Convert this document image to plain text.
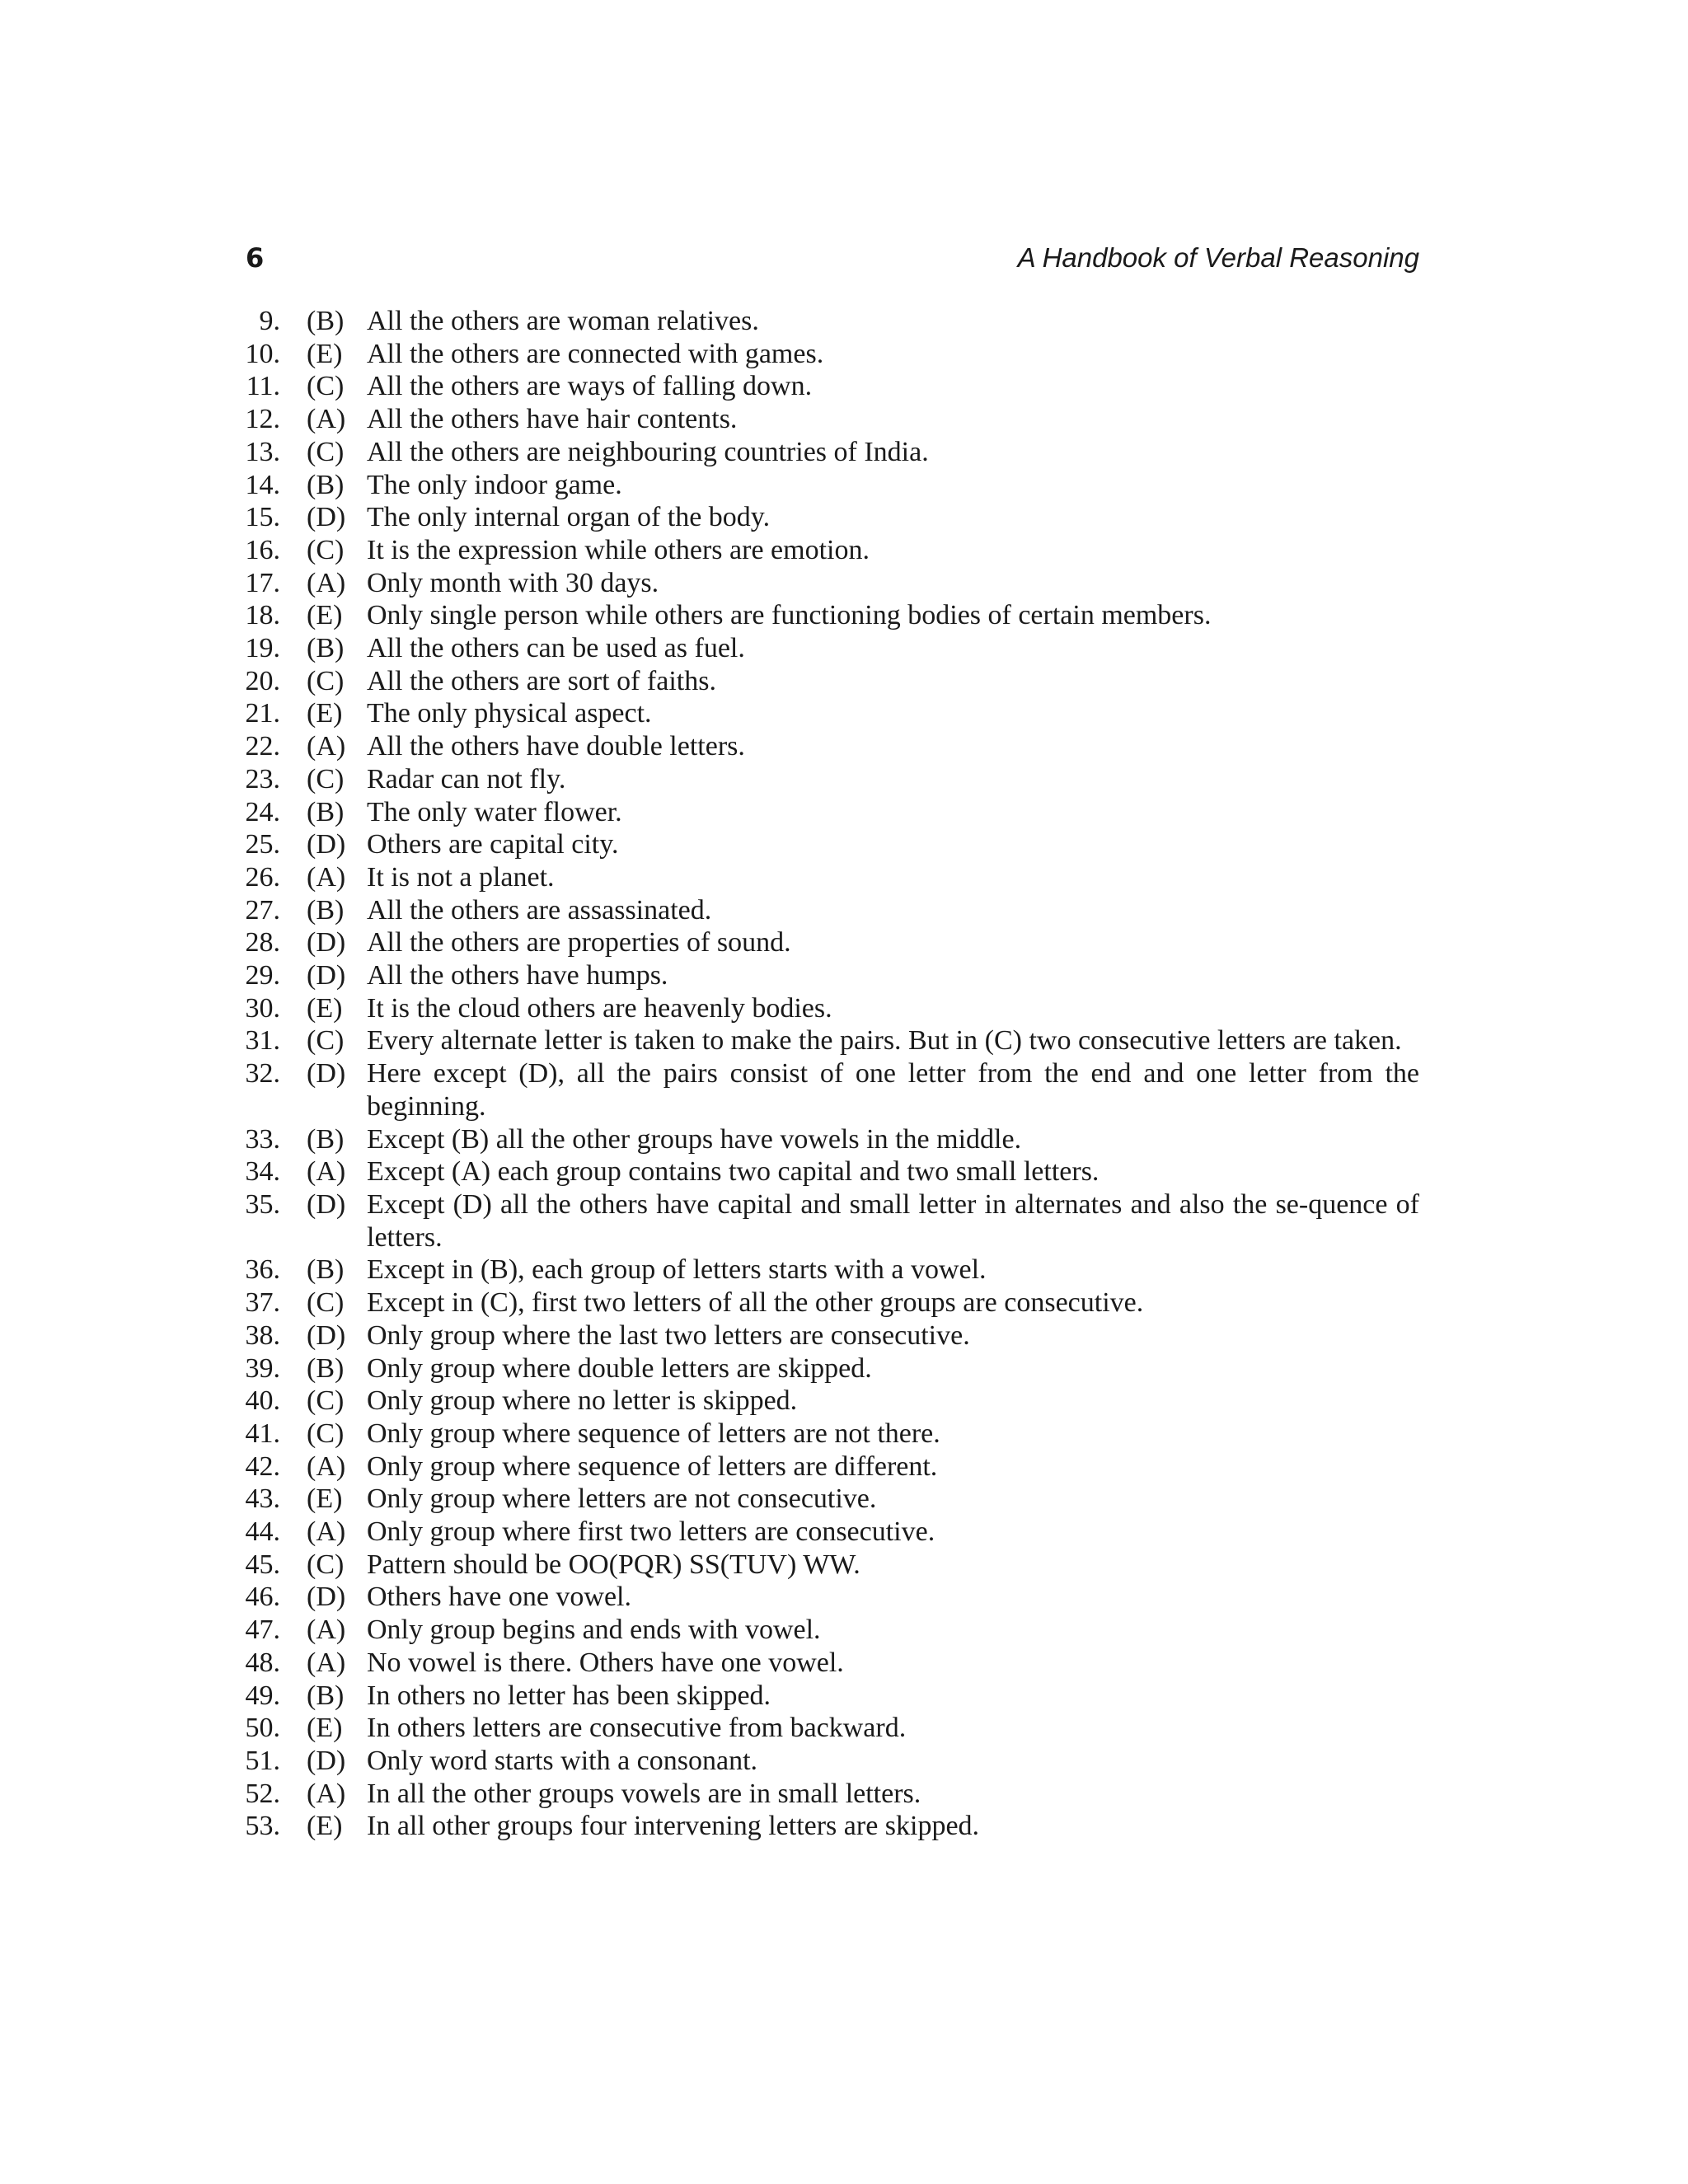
6	A Handbook of Verbal Reasoning
9. (B) All the others are woman relatives.
10. (E) All the others are connected with games.
11. (C) All the others are ways of falling down.
12. (A) All the others have hair contents.
13. (C) All the others are neighbouring countries of India.
14. (B) The only indoor game.
15. (D) The only internal organ of the body.
16. (C) It is the expression while others are emotion.
17. (A) Only month with 30 days.
18. (E) Only single person while others are functioning bodies of certain members.
19. (B) All the others can be used as fuel.
20. (C) All the others are sort of faiths.
21. (E) The only physical aspect.
22. (A) All the others have double letters.
23. (C) Radar can not fly.
24. (B) The only water flower.
25. (D) Others are capital city.
26. (A) It is not a planet.
27. (B) All the others are assassinated.
28. (D) All the others are properties of sound.
29. (D) All the others have humps.
30. (E) It is the cloud others are heavenly bodies.
31. (C) Every alternate letter is taken to make the pairs. But in (C) two consecutive letters are taken.
32. (D) Here except (D), all the pairs consist of one letter from the end and one letter from the beginning.
33. (B) Except (B) all the other groups have vowels in the middle.
34. (A) Except (A) each group contains two capital and two small letters.
35. (D) Except (D) all the others have capital and small letter in alternates and also the se-quence of letters.
36. (B) Except in (B), each group of letters starts with a vowel.
37. (C) Except in (C), first two letters of all the other groups are consecutive.
38. (D) Only group where the last two letters are consecutive.
39. (B) Only group where double letters are skipped.
40. (C) Only group where no letter is skipped.
41. (C) Only group where sequence of letters are not there.
42. (A) Only group where sequence of letters are different.
43. (E) Only group where letters are not consecutive.
44. (A) Only group where first two letters are consecutive.
45. (C) Pattern should be OO(PQR) SS(TUV) WW.
46. (D) Others have one vowel.
47. (A) Only group begins and ends with vowel.
48. (A) No vowel is there. Others have one vowel.
49. (B) In others no letter has been skipped.
50. (E) In others letters are consecutive from backward.
51. (D) Only word starts with a consonant.
52. (A) In all the other groups vowels are in small letters.
53. (E) In all other groups four intervening letters are skipped.
